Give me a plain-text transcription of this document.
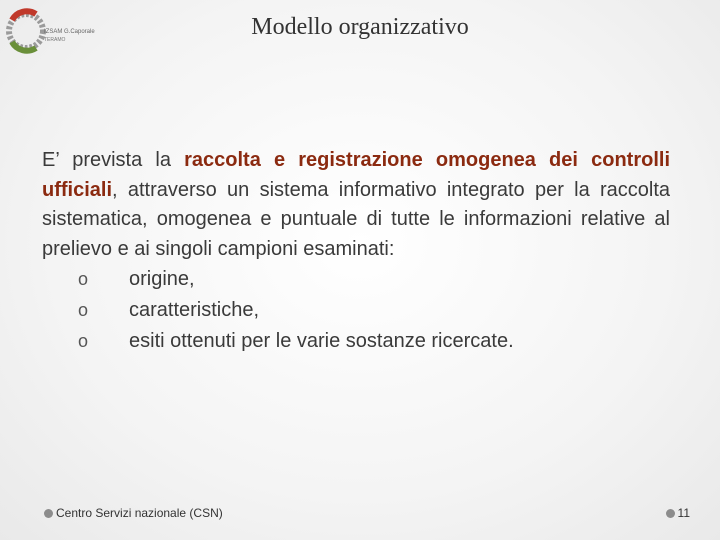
IZSAM G.Caporale
TERAMO	Modello organizzativo
E’ prevista la raccolta e registrazione omogenea dei controlli ufficiali, attraverso un sistema informativo integrato per la raccolta sistematica, omogenea e puntuale di tutte le informazioni relative al prelievo e ai singoli campioni esaminati:
o origine,
o caratteristiche,
o esiti ottenuti per le varie sostanze ricercate.
Centro Servizi nazionale (CSN)	11
